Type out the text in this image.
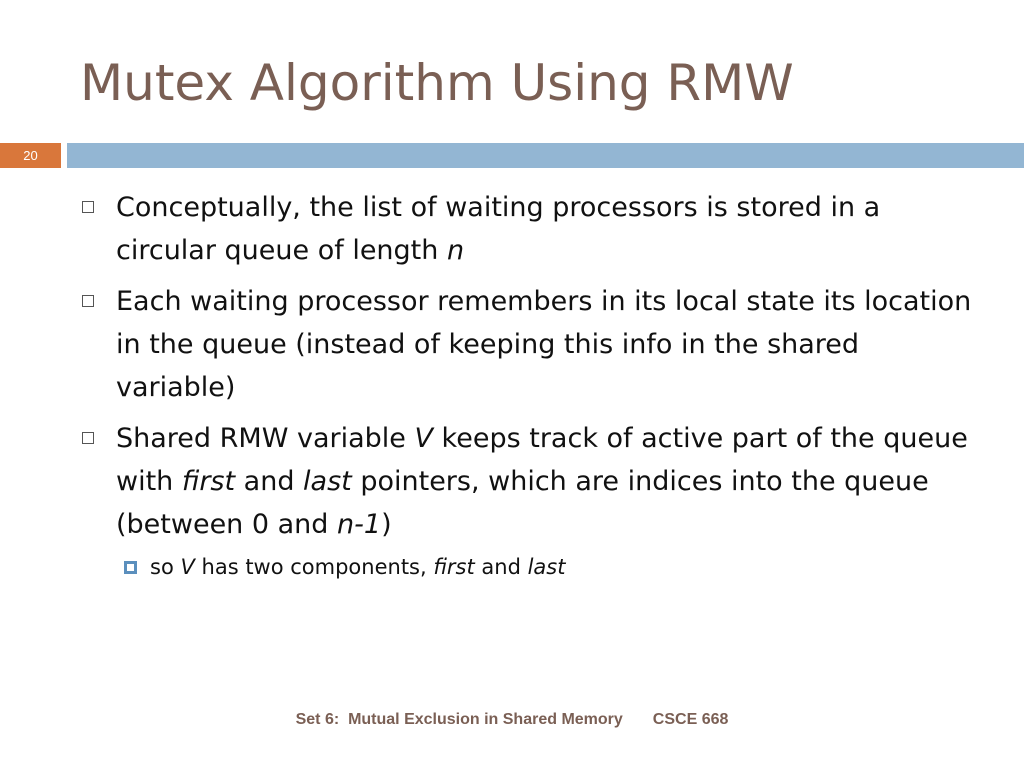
Mutex Algorithm Using RMW
20
Conceptually, the list of waiting processors is stored in a circular queue of length n
Each waiting processor remembers in its local state its location in the queue (instead of keeping this info in the shared variable)
Shared RMW variable V keeps track of active part of the queue with first and last pointers, which are indices into the queue (between 0 and n-1)
so V has two components, first and last
Set 6:  Mutual Exclusion in Shared Memory CSCE 668
